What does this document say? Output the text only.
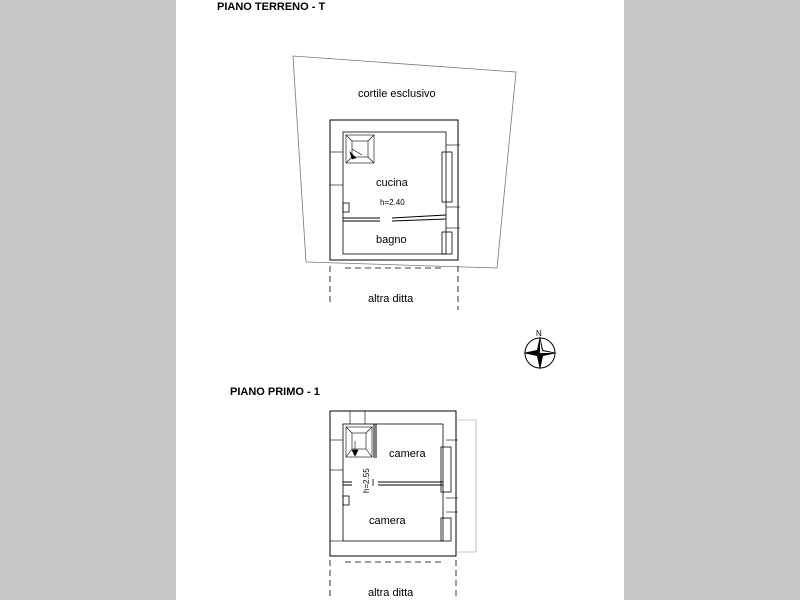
PIANO TERRENO - T
cortile esclusivo
cucina
h=2.40
bagno
altra ditta
N
PIANO PRIMO - 1
camera
h=2.55
camera
altra ditta
